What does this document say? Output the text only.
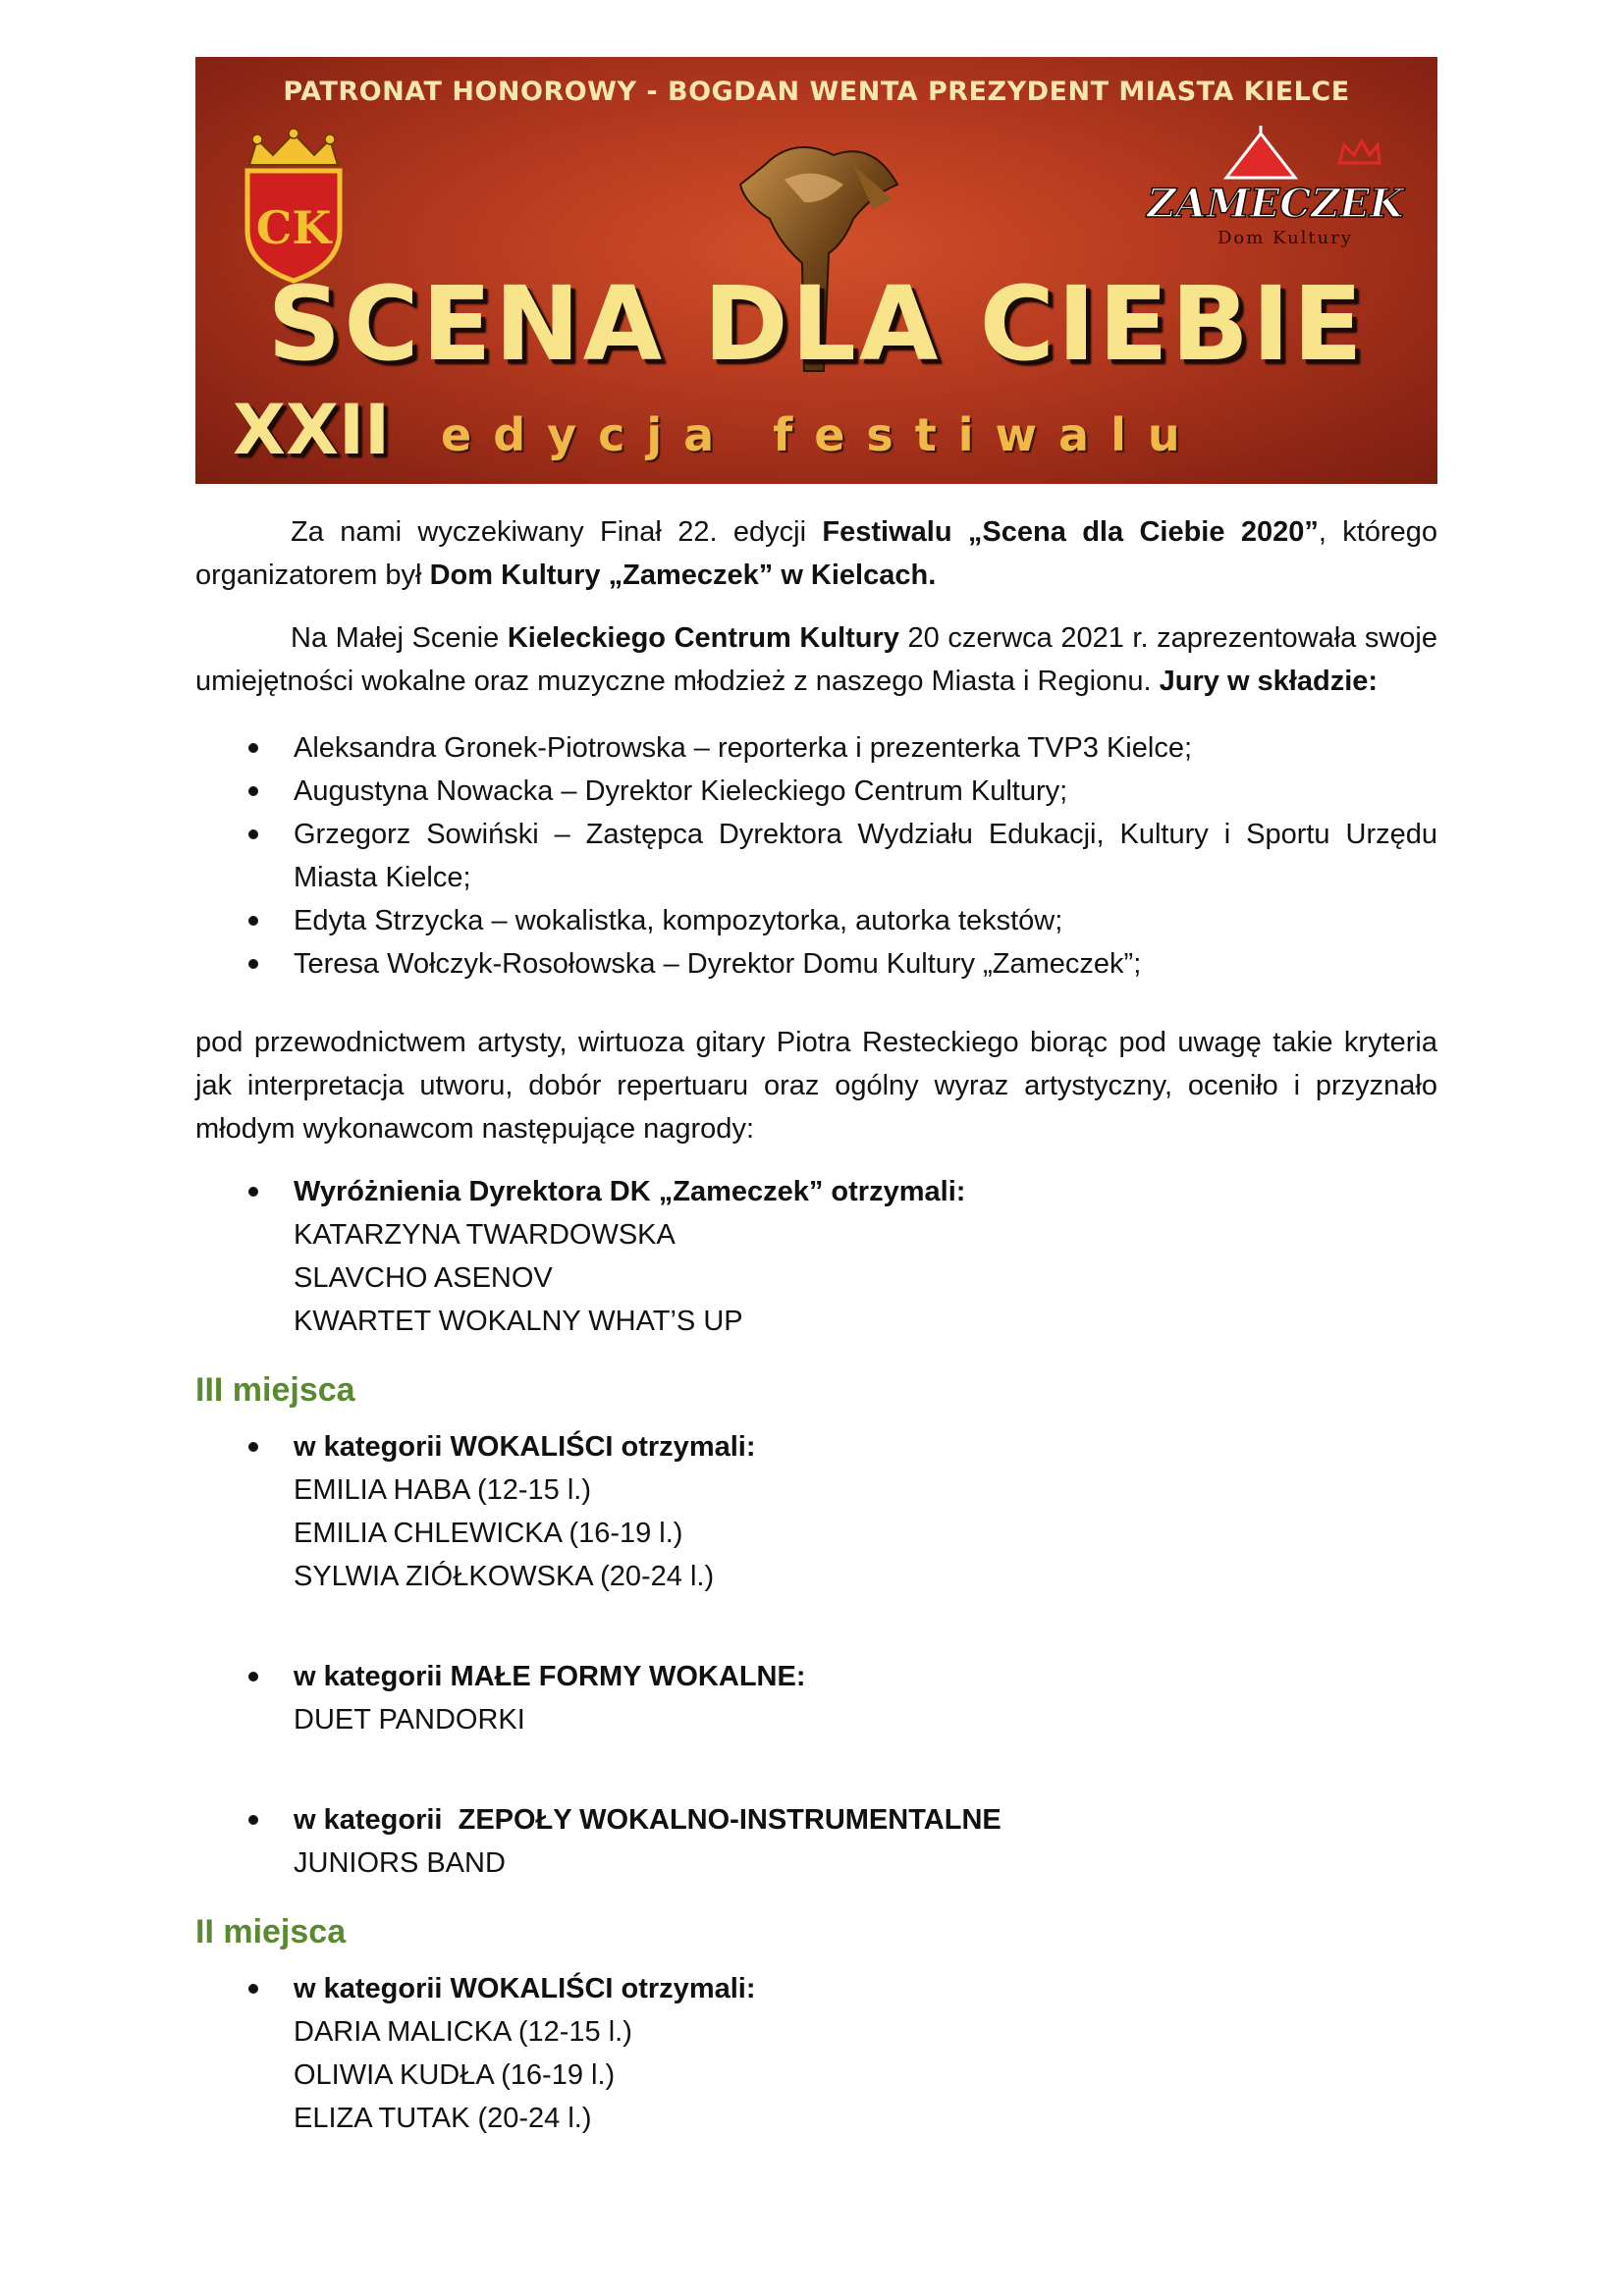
PATRONAT HONOROWY - BOGDAN WENTA PREZYDENT MIASTA KIELCE
CK	ZAMECZEK
Dom Kultury
SCENA DLA CIEBIE
XXII edycja festiwalu

Za nami wyczekiwany Finał 22. edycji Festiwalu „Scena dla Ciebie 2020”, którego organizatorem był Dom Kultury „Zameczek” w Kielcach.

Na Małej Scenie Kieleckiego Centrum Kultury 20 czerwca 2021 r. zaprezentowała swoje umiejętności wokalne oraz muzyczne młodzież z naszego Miasta i Regionu. Jury w składzie:

Aleksandra Gronek-Piotrowska – reporterka i prezenterka TVP3 Kielce;
Augustyna Nowacka – Dyrektor Kieleckiego Centrum Kultury;
Grzegorz Sowiński – Zastępca Dyrektora Wydziału Edukacji, Kultury i Sportu Urzędu Miasta Kielce;
Edyta Strzycka – wokalistka, kompozytorka, autorka tekstów;
Teresa Wołczyk-Rosołowska – Dyrektor Domu Kultury „Zameczek”;

pod przewodnictwem artysty, wirtuoza gitary Piotra Resteckiego biorąc pod uwagę takie kryteria jak interpretacja utworu, dobór repertuaru oraz ogólny wyraz artystyczny, oceniło i przyznało młodym wykonawcom następujące nagrody:

Wyróżnienia Dyrektora DK „Zameczek” otrzymali:
KATARZYNA TWARDOWSKA
SLAVCHO ASENOV
KWARTET WOKALNY WHAT’S UP
III miejsca
w kategorii WOKALIŚCI otrzymali:
EMILIA HABA (12-15 l.)
EMILIA CHLEWICKA (16-19 l.)
SYLWIA ZIÓŁKOWSKA (20-24 l.)
w kategorii MAŁE FORMY WOKALNE:
DUET PANDORKI
w kategorii  ZEPOŁY WOKALNO-INSTRUMENTALNE
JUNIORS BAND
II miejsca
w kategorii WOKALIŚCI otrzymali:
DARIA MALICKA (12-15 l.)
OLIWIA KUDŁA (16-19 l.)
ELIZA TUTAK (20-24 l.)
